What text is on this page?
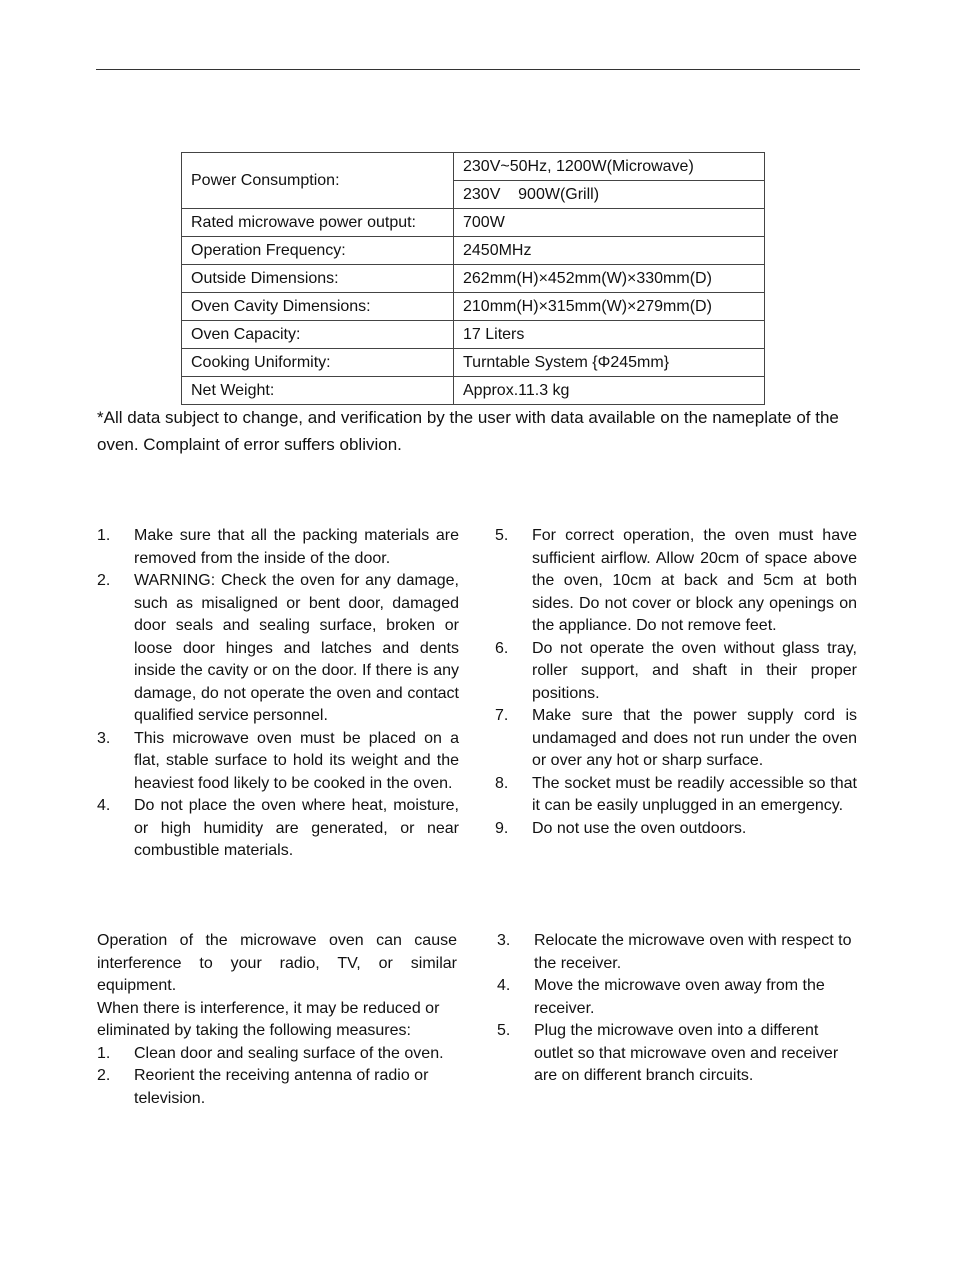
Power Consumption:	230V~50Hz, 1200W(Microwave)
	230V    900W(Grill)
Rated microwave power output:	700W
Operation Frequency:	2450MHz
Outside Dimensions:	262mm(H)×452mm(W)×330mm(D)
Oven Cavity Dimensions:	210mm(H)×315mm(W)×279mm(D)
Oven Capacity:	17 Liters
Cooking Uniformity:	Turntable System {Φ245mm}
Net Weight:	Approx.11.3 kg
*All data subject to change, and verification by the user with data available on the nameplate of the oven. Complaint of error suffers oblivion.
1. Make sure that all the packing materials are removed from the inside of the door.
2. WARNING: Check the oven for any damage, such as misaligned or bent door, damaged door seals and sealing surface, broken or loose door hinges and latches and dents inside the cavity or on the door. If there is any damage, do not operate the oven and contact qualified service personnel.
3. This microwave oven must be placed on a flat, stable surface to hold its weight and the heaviest food likely to be cooked in the oven.
4. Do not place the oven where heat, moisture, or high humidity are generated, or near combustible materials.
5. For correct operation, the oven must have sufficient airflow. Allow 20cm of space above the oven, 10cm at back and 5cm at both sides. Do not cover or block any openings on the appliance. Do not remove feet.
6. Do not operate the oven without glass tray, roller support, and shaft in their proper positions.
7. Make sure that the power supply cord is undamaged and does not run under the oven or over any hot or sharp surface.
8. The socket must be readily accessible so that it can be easily unplugged in an emergency.
9. Do not use the oven outdoors.

Operation of the microwave oven can cause interference to your radio, TV, or similar equipment.

When there is interference, it may be reduced or eliminated by taking the following measures:

1. Clean door and sealing surface of the oven.
2. Reorient the receiving antenna of radio or television.
3. Relocate the microwave oven with respect to the receiver.
4. Move the microwave oven away from the receiver.
5. Plug the microwave oven into a different outlet so that microwave oven and receiver are on different branch circuits.
